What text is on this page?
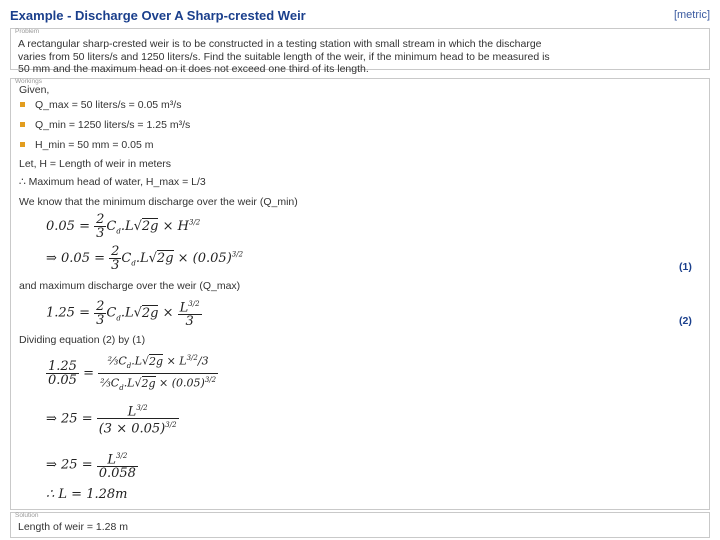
Example - Discharge Over A Sharp-crested Weir	[metric]
Problem
A rectangular sharp-crested weir is to be constructed in a testing station with small stream in which the discharge
varies from 50 liters/s and 1250 liters/s. Find the suitable length of the weir, if the minimum head to be measured is
50 mm and the maximum head on it does not exceed one third of its length.
Workings
Given,
Q_max = 50 liters/s = 0.05 m³/s
Q_min = 1250 liters/s = 1.25 m³/s
H_min = 50 mm = 0.05 m
Let, H = Length of weir in meters
∴ Maximum head of water, H_max = L/3
We know that the minimum discharge over the weir (Q_min)
$0.05 = \frac{2}{3} C_d.L√2g \times H^{3/2}$
⇒ $0.05 = \frac{2}{3} C_d.L√2g \times (0.05)^{3/2}$
(1)
and maximum discharge over the weir (Q_max)
$1.25 = \frac{2}{3} C_d.L√2g \times \frac{L^{3/2}}{3}$	(2)
Dividing equation (2) by (1)
$\frac{1.25}{0.05} = \frac{\frac{2}{3}C_d.L√2g \times L^{3/2}/3}{\frac{2}{3}C_d.L√2g \times (0.05)^{3/2}}$
⇒ $25 = \frac{L^{3/2}}{(3 \times 0.05)^{3/2}}$
⇒ $25 = \frac{L^{3/2}}{0.058}$
∴ L = 1.28m
Solution
Length of weir = 1.28 m
